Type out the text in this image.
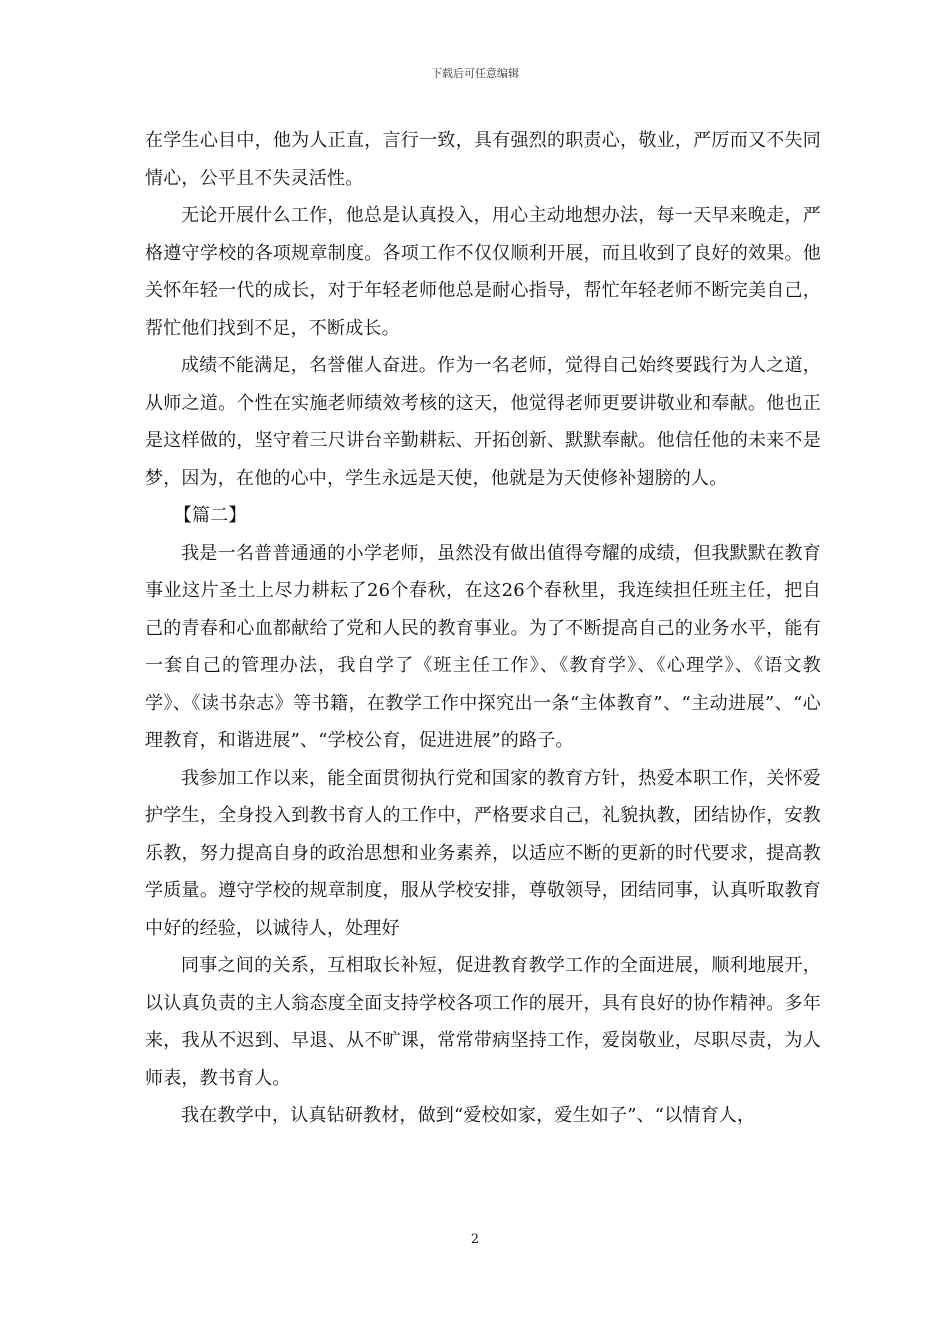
下载后可任意编辑

在学生心目中，他为人正直，言行一致，具有强烈的职责心，敬业，严厉而又不失同情心，公平且不失灵活性。

无论开展什么工作，他总是认真投入，用心主动地想办法，每一天早来晚走，严格遵守学校的各项规章制度。各项工作不仅仅顺利开展，而且收到了良好的效果。他关怀年轻一代的成长，对于年轻老师他总是耐心指导，帮忙年轻老师不断完美自己，帮忙他们找到不足，不断成长。

成绩不能满足，名誉催人奋进。作为一名老师，觉得自己始终要践行为人之道，从师之道。个性在实施老师绩效考核的这天，他觉得老师更要讲敬业和奉献。他也正是这样做的，坚守着三尺讲台辛勤耕耘、开拓创新、默默奉献。他信任他的未来不是梦，因为，在他的心中，学生永远是天使，他就是为天使修补翅膀的人。

【篇二】

我是一名普普通通的小学老师，虽然没有做出值得夸耀的成绩，但我默默在教育事业这片圣土上尽力耕耘了26个春秋，在这26个春秋里，我连续担任班主任，把自己的青春和心血都献给了党和人民的教育事业。为了不断提高自己的业务水平，能有一套自己的管理办法，我自学了《班主任工作》、《教育学》、《心理学》、《语文教学》、《读书杂志》等书籍，在教学工作中探究出一条“主体教育”、“主动进展”、“心理教育，和谐进展”、“学校公育，促进进展”的路子。

我参加工作以来，能全面贯彻执行党和国家的教育方针，热爱本职工作，关怀爱护学生，全身投入到教书育人的工作中，严格要求自己，礼貌执教，团结协作，安教乐教，努力提高自身的政治思想和业务素养，以适应不断的更新的时代要求，提高教学质量。遵守学校的规章制度，服从学校安排，尊敬领导，团结同事，认真听取教育中好的经验，以诚待人，处理好

同事之间的关系，互相取长补短，促进教育教学工作的全面进展，顺利地展开，以认真负责的主人翁态度全面支持学校各项工作的展开，具有良好的协作精神。多年来，我从不迟到、早退、从不旷课，常常带病坚持工作，爱岗敬业，尽职尽责，为人师表，教书育人。

我在教学中，认真钻研教材，做到“爱校如家，爱生如子”、“以情育人，

2
